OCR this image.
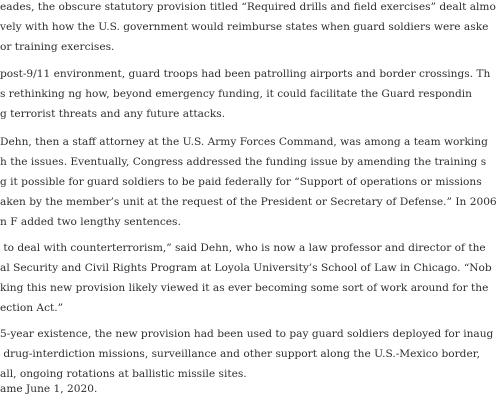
eades, the obscure statutory provision titled “Required drills and field exercises” dealt almo
vely with how the U.S. government would reimburse states when guard soldiers were aske
or training exercises.
post-9/11 environment, guard troops had been patrolling airports and border crossings. Th
s rethinking ng how, beyond emergency funding, it could facilitate the Guard respondin
g terrorist threats and any future attacks.
Dehn, then a staff attorney at the U.S. Army Forces Command, was among a team working
h the issues. Eventually, Congress addressed the funding issue by amending the training s
g it possible for guard soldiers to be paid federally for “Support of operations or missions
aken by the member’s unit at the request of the President or Secretary of Defense.” In 2006
n F added two lengthy sentences.
to deal with counterterrorism,” said Dehn, who is now a law professor and director of the
al Security and Civil Rights Program at Loyola University’s School of Law in Chicago. “Nob
king this new provision likely viewed it as ever becoming some sort of work around for the
ection Act.”
5-year existence, the new provision had been used to pay guard soldiers deployed for inaug
drug-interdiction missions, surveillance and other support along the U.S.-Mexico border,
all, ongoing rotations at ballistic missile sites.
ame June 1, 2020.
